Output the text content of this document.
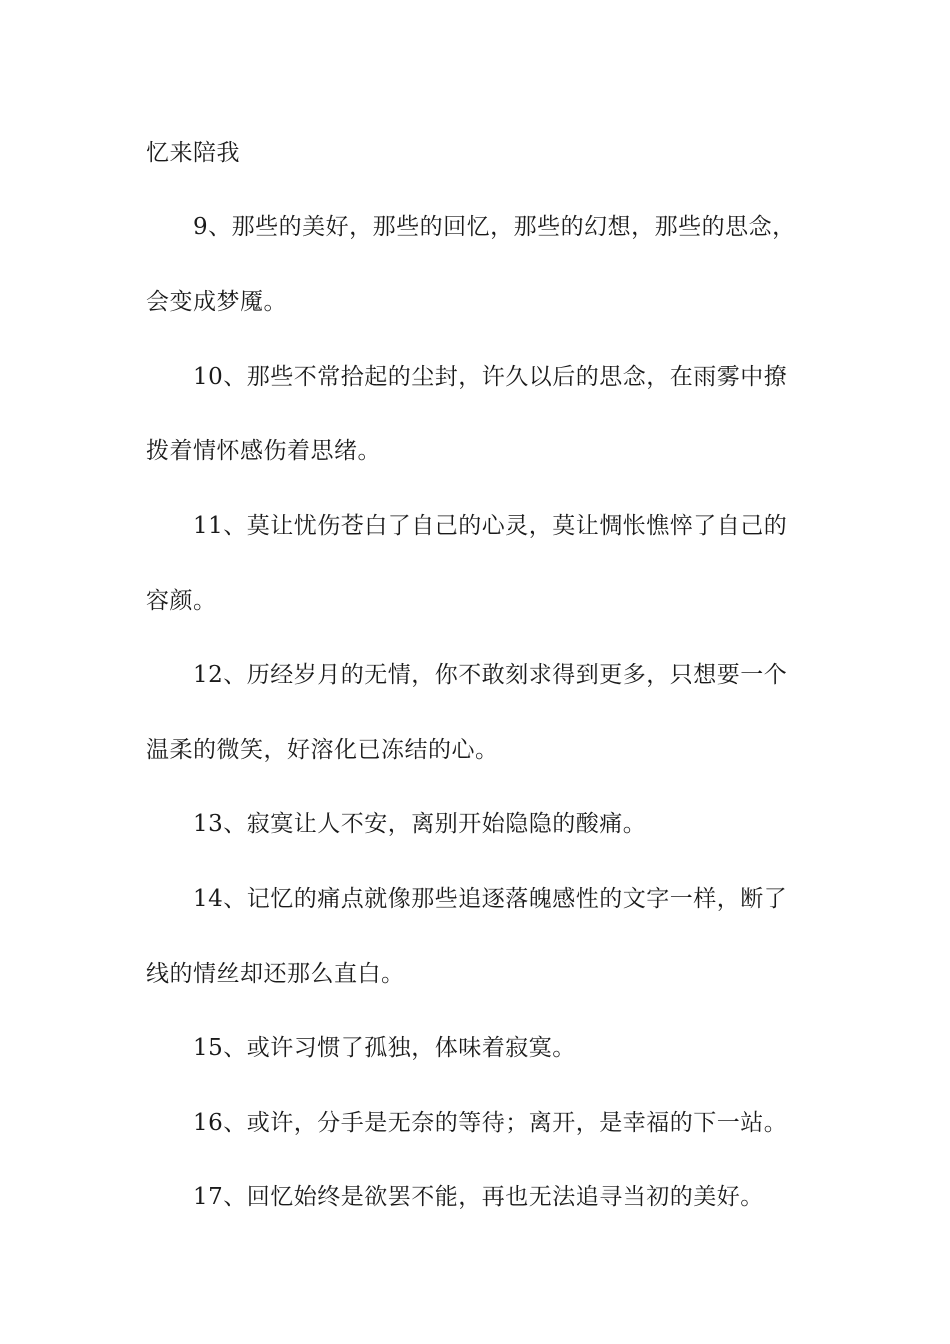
忆来陪我
9、那些的美好，那些的回忆，那些的幻想，那些的思念，
会变成梦魇。
10、那些不常拾起的尘封，许久以后的思念，在雨雾中撩
拨着情怀感伤着思绪。
11、莫让忧伤苍白了自己的心灵，莫让惆怅憔悴了自己的
容颜。
12、历经岁月的无情，你不敢刻求得到更多，只想要一个
温柔的微笑，好溶化已冻结的心。
13、寂寞让人不安，离别开始隐隐的酸痛。
14、记忆的痛点就像那些追逐落魄感性的文字一样，断了
线的情丝却还那么直白。
15、或许习惯了孤独，体味着寂寞。
16、或许，分手是无奈的等待；离开，是幸福的下一站。
17、回忆始终是欲罢不能，再也无法追寻当初的美好。
